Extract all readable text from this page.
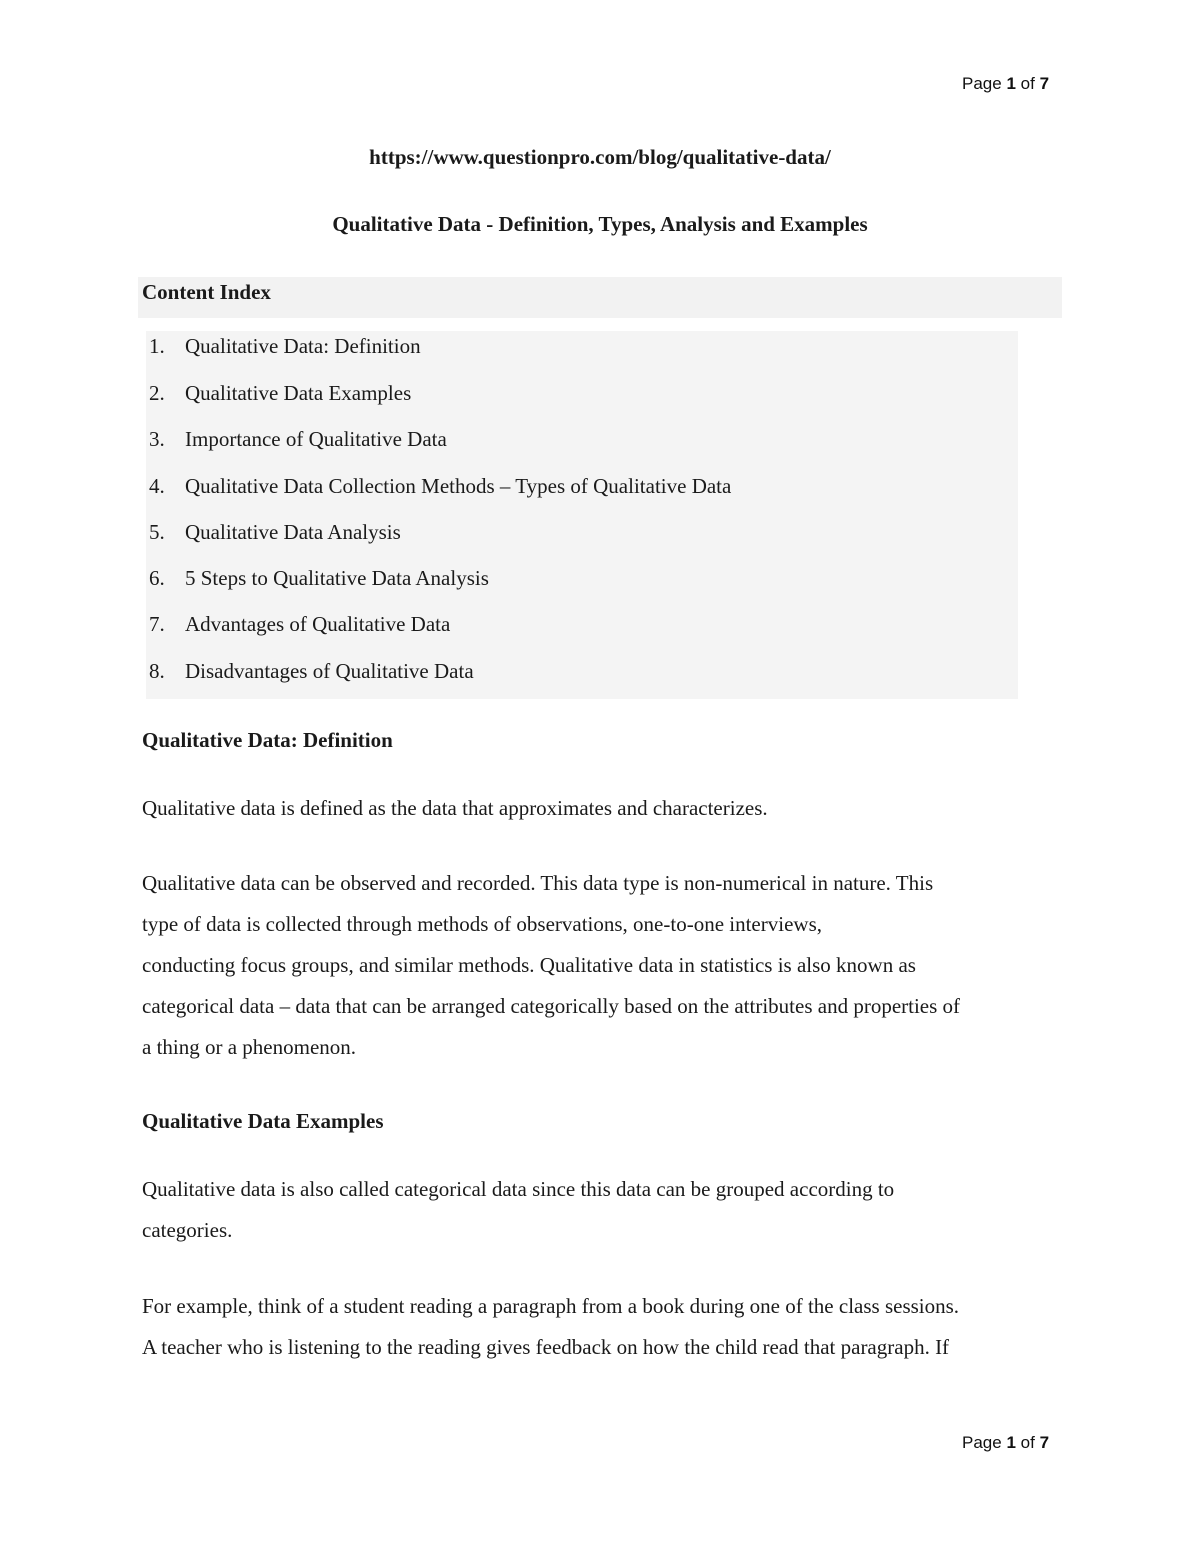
Page 1 of 7
https://www.questionpro.com/blog/qualitative-data/
Qualitative Data - Definition, Types, Analysis and Examples
Content Index
1. Qualitative Data: Definition
2. Qualitative Data Examples
3. Importance of Qualitative Data
4. Qualitative Data Collection Methods – Types of Qualitative Data
5. Qualitative Data Analysis
6. 5 Steps to Qualitative Data Analysis
7. Advantages of Qualitative Data
8. Disadvantages of Qualitative Data
Qualitative Data: Definition
Qualitative data is defined as the data that approximates and characterizes.
Qualitative data can be observed and recorded. This data type is non-numerical in nature. This
type of data is collected through methods of observations, one-to-one interviews,
conducting focus groups, and similar methods. Qualitative data in statistics is also known as
categorical data – data that can be arranged categorically based on the attributes and properties of
a thing or a phenomenon.
Qualitative Data Examples
Qualitative data is also called categorical data since this data can be grouped according to
categories.
For example, think of a student reading a paragraph from a book during one of the class sessions.
A teacher who is listening to the reading gives feedback on how the child read that paragraph. If
Page 1 of 7
